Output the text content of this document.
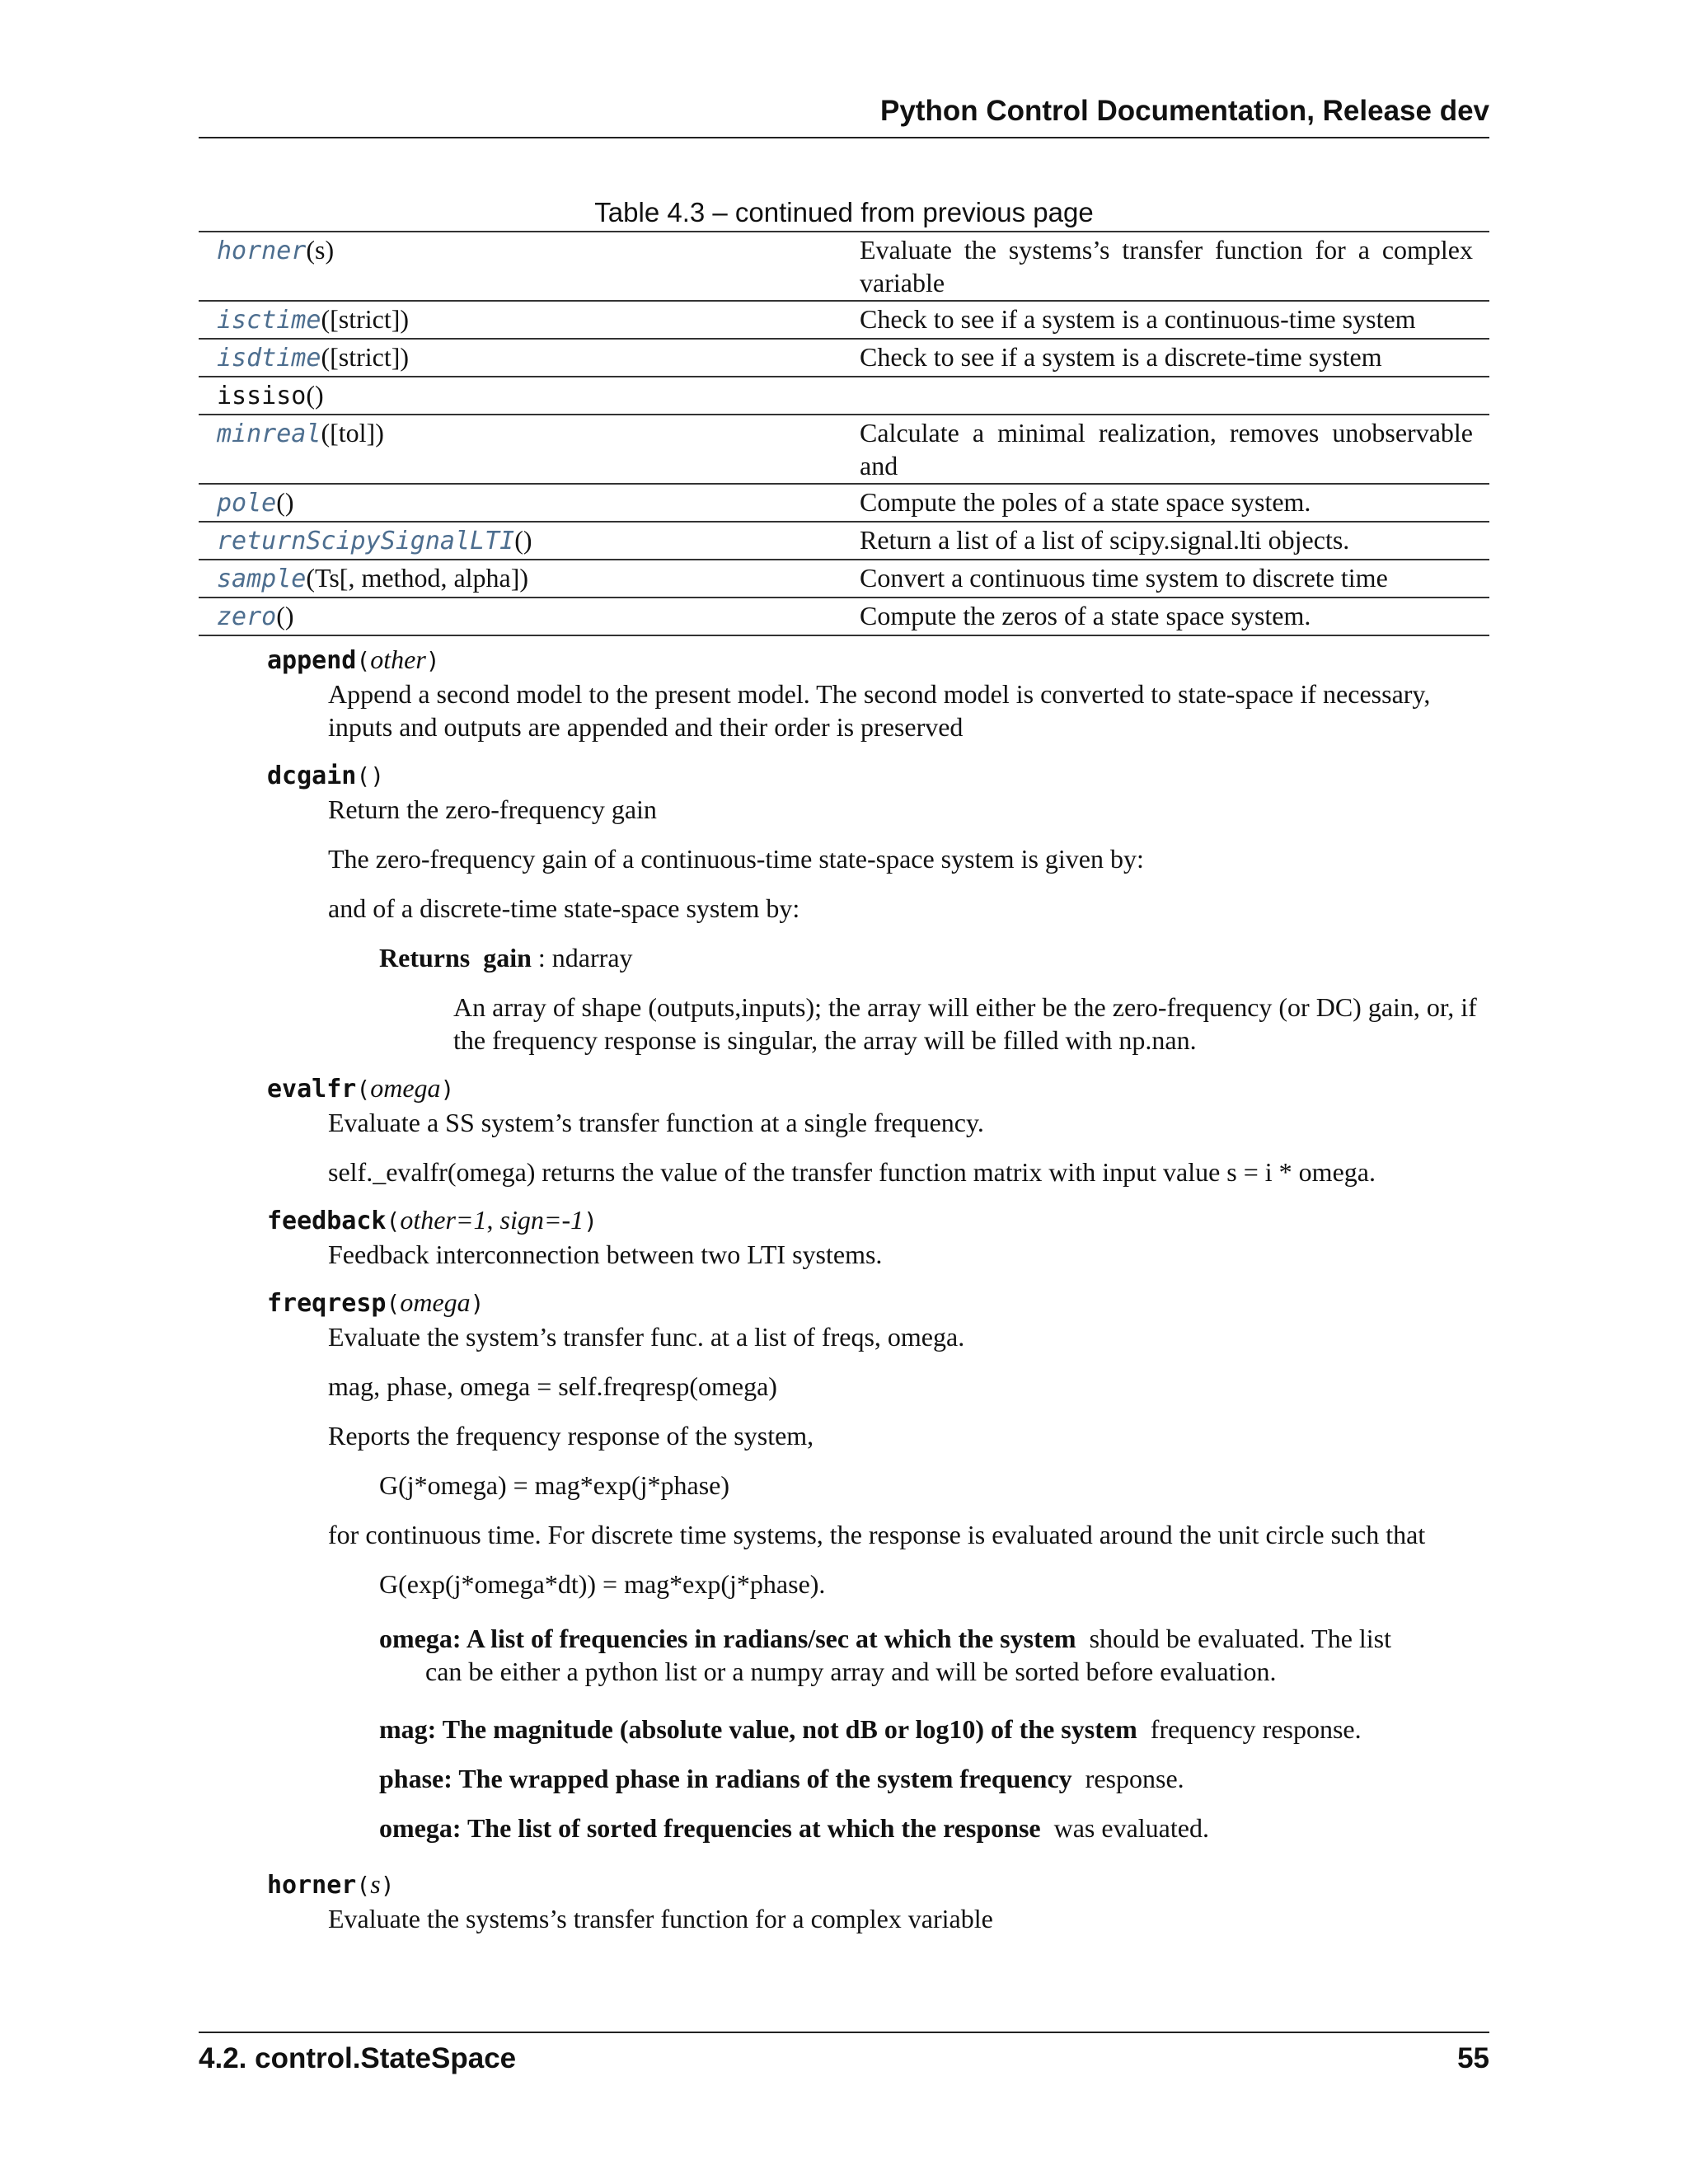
Python Control Documentation, Release dev
Table 4.3 – continued from previous page
horner(s)	Evaluate the systems’s transfer function for a complex variable
isctime([strict])	Check to see if a system is a continuous-time system
isdtime([strict])	Check to see if a system is a discrete-time system
issiso()	
minreal([tol])	Calculate a minimal realization, removes unobservable and
pole()	Compute the poles of a state space system.
returnScipySignalLTI()	Return a list of a list of scipy.signal.lti objects.
sample(Ts[, method, alpha])	Convert a continuous time system to discrete time
zero()	Compute the zeros of a state space system.

append(other)

Append a second model to the present model. The second model is converted to state-space if necessary, inputs and outputs are appended and their order is preserved

dcgain()

Return the zero-frequency gain

The zero-frequency gain of a continuous-time state-space system is given by:

and of a discrete-time state-space system by:

Returns gain : ndarray

An array of shape (outputs,inputs); the array will either be the zero-frequency (or DC) gain, or, if the frequency response is singular, the array will be filled with np.nan.

evalfr(omega)

Evaluate a SS system’s transfer function at a single frequency.

self._evalfr(omega) returns the value of the transfer function matrix with input value s = i * omega.

feedback(other=1, sign=-1)

Feedback interconnection between two LTI systems.

freqresp(omega)

Evaluate the system’s transfer func. at a list of freqs, omega.

mag, phase, omega = self.freqresp(omega)

Reports the frequency response of the system,

G(j*omega) = mag*exp(j*phase)

for continuous time. For discrete time systems, the response is evaluated around the unit circle such that

G(exp(j*omega*dt)) = mag*exp(j*phase).

omega: A list of frequencies in radians/sec at which the system should be evaluated. The list
can be either a python list or a numpy array and will be sorted before evaluation.

mag: The magnitude (absolute value, not dB or log10) of the system frequency response.

phase: The wrapped phase in radians of the system frequency response.

omega: The list of sorted frequencies at which the response was evaluated.

horner(s)

Evaluate the systems’s transfer function for a complex variable

4.2. control.StateSpace	55
